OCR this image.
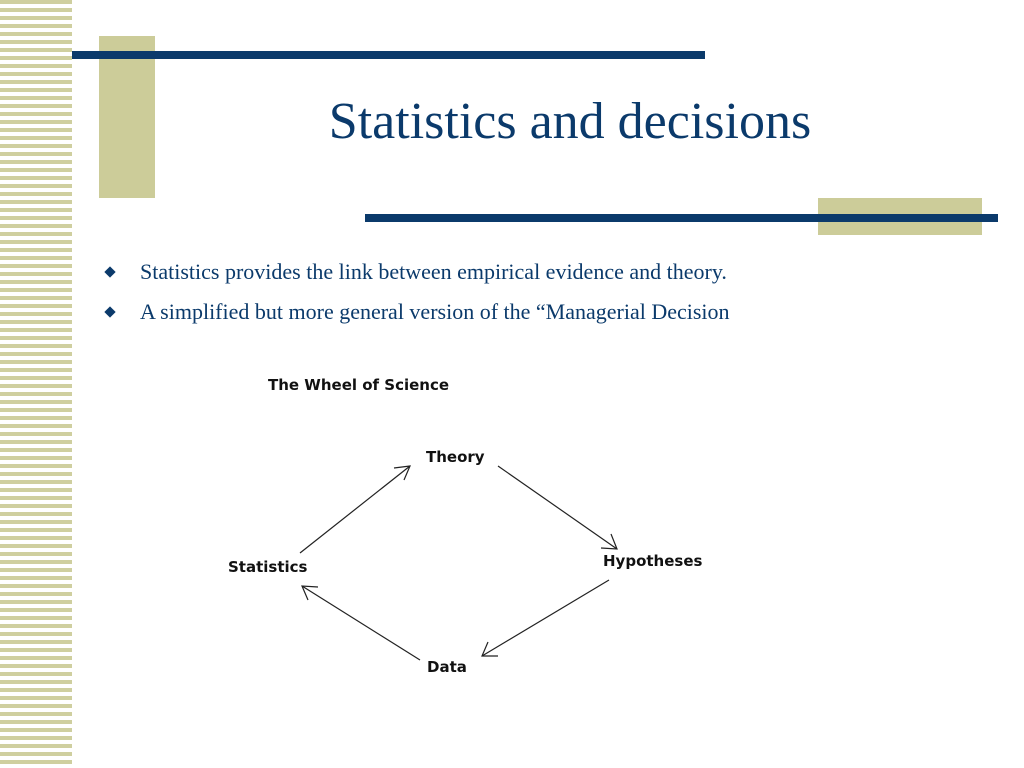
Statistics and decisions
Statistics provides the link between empirical evidence and theory.
A simplified but more general version of the “Managerial Decision
The Wheel of Science
Theory
Hypotheses
Data
Statistics
